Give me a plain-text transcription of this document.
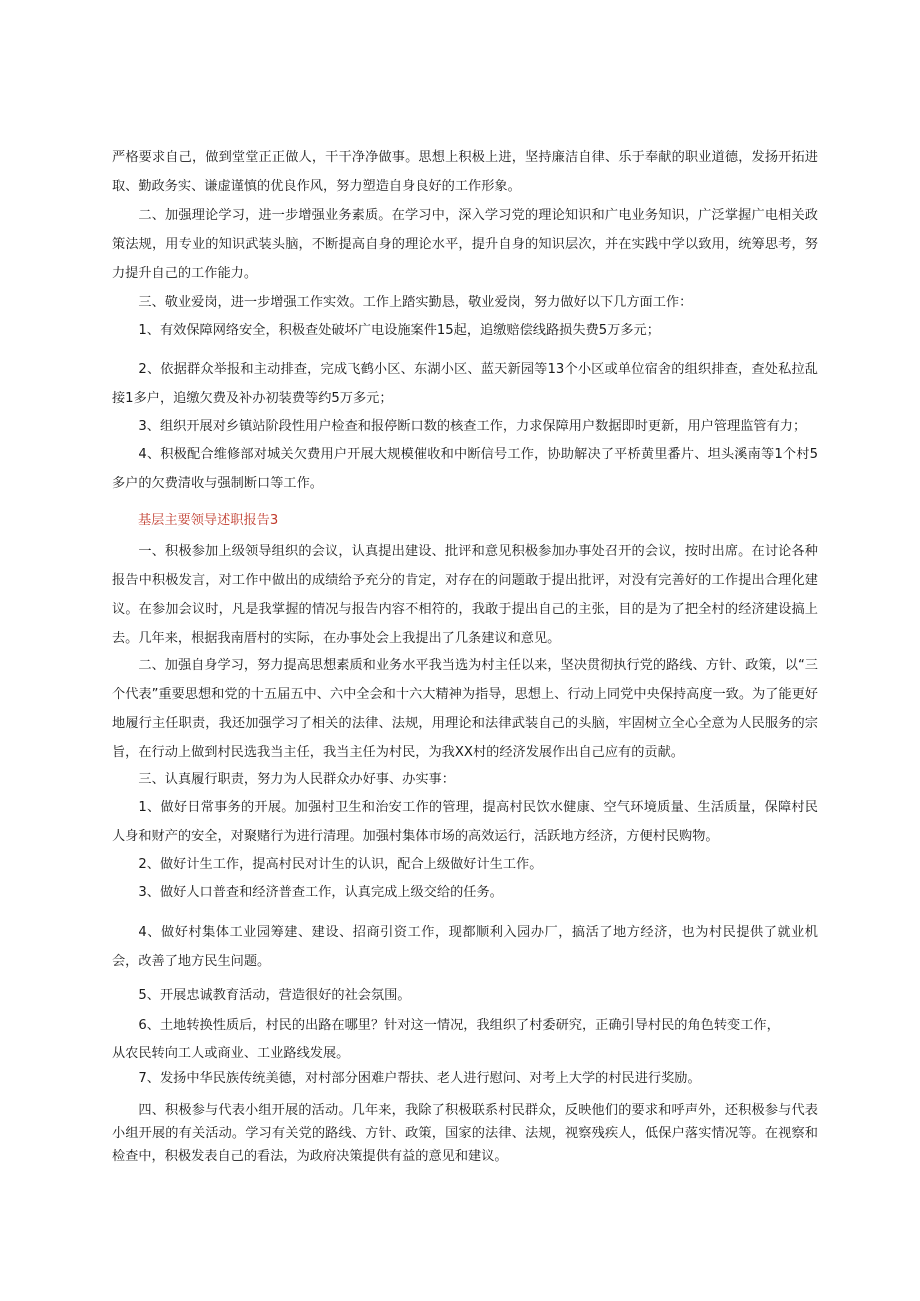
严格要求自己，做到堂堂正正做人，干干净净做事。思想上积极上进，坚持廉洁自律、乐于奉献的职业道德，发扬开拓进取、勤政务实、谦虚谨慎的优良作风，努力塑造自身良好的工作形象。

二、加强理论学习，进一步增强业务素质。在学习中，深入学习党的理论知识和广电业务知识，广泛掌握广电相关政策法规，用专业的知识武装头脑，不断提高自身的理论水平，提升自身的知识层次，并在实践中学以致用，统筹思考，努力提升自己的工作能力。

三、敬业爱岗，进一步增强工作实效。工作上踏实勤恳，敬业爱岗，努力做好以下几方面工作：

1、有效保障网络安全，积极查处破坏广电设施案件15起，追缴赔偿线路损失费5万多元；

2、依据群众举报和主动排查，完成飞鹤小区、东湖小区、蓝天新园等13个小区或单位宿舍的组织排查，查处私拉乱接1多户，追缴欠费及补办初装费等约5万多元；

3、组织开展对乡镇站阶段性用户检查和报停断口数的核查工作，力求保障用户数据即时更新，用户管理监管有力；

4、积极配合维修部对城关欠费用户开展大规模催收和中断信号工作，协助解决了平桥黄里番片、坦头溪南等1个村5多户的欠费清收与强制断口等工作。

基层主要领导述职报告3

一、积极参加上级领导组织的会议，认真提出建设、批评和意见积极参加办事处召开的会议，按时出席。在讨论各种报告中积极发言，对工作中做出的成绩给予充分的肯定，对存在的问题敢于提出批评，对没有完善好的工作提出合理化建议。在参加会议时，凡是我掌握的情况与报告内容不相符的，我敢于提出自己的主张，目的是为了把全村的经济建设搞上去。几年来，根据我南厝村的实际，在办事处会上我提出了几条建议和意见。

二、加强自身学习，努力提高思想素质和业务水平我当选为村主任以来，坚决贯彻执行党的路线、方针、政策，以“三个代表”重要思想和党的十五届五中、六中全会和十六大精神为指导，思想上、行动上同党中央保持高度一致。为了能更好地履行主任职责，我还加强学习了相关的法律、法规，用理论和法律武装自己的头脑，牢固树立全心全意为人民服务的宗旨，在行动上做到村民选我当主任，我当主任为村民，为我XX村的经济发展作出自己应有的贡献。

三、认真履行职责，努力为人民群众办好事、办实事：

1、做好日常事务的开展。加强村卫生和治安工作的管理，提高村民饮水健康、空气环境质量、生活质量，保障村民人身和财产的安全，对聚赌行为进行清理。加强村集体市场的高效运行，活跃地方经济，方便村民购物。

2、做好计生工作，提高村民对计生的认识，配合上级做好计生工作。

3、做好人口普查和经济普查工作，认真完成上级交给的任务。

4、做好村集体工业园筹建、建设、招商引资工作，现都顺利入园办厂，搞活了地方经济，也为村民提供了就业机会，改善了地方民生问题。

5、开展忠诚教育活动，营造很好的社会氛围。

6、土地转换性质后，村民的出路在哪里？针对这一情况，我组织了村委研究，正确引导村民的角色转变工作，

从农民转向工人或商业、工业路线发展。

7、发扬中华民族传统美德，对村部分困难户帮扶、老人进行慰问、对考上大学的村民进行奖励。

四、积极参与代表小组开展的活动。几年来，我除了积极联系村民群众，反映他们的要求和呼声外，还积极参与代表小组开展的有关活动。学习有关党的路线、方针、政策，国家的法律、法规，视察残疾人，低保户落实情况等。在视察和检查中，积极发表自己的看法，为政府决策提供有益的意见和建议。
